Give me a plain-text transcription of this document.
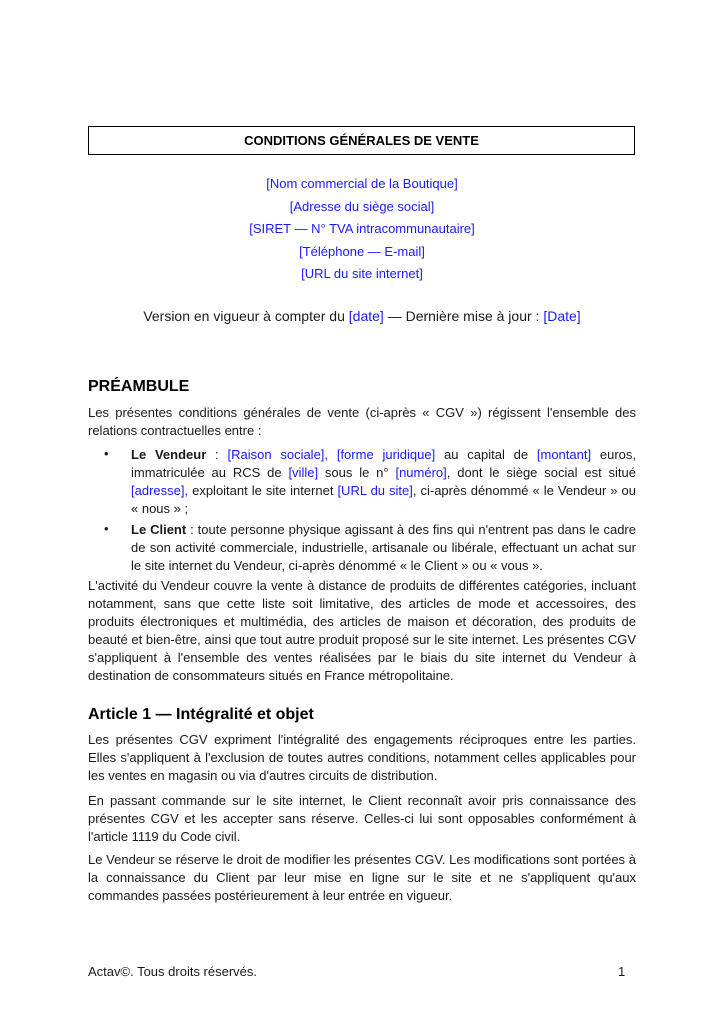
CONDITIONS GÉNÉRALES DE VENTE
[Nom commercial de la Boutique]
[Adresse du siège social]
[SIRET — N° TVA intracommunautaire]
[Téléphone — E-mail]
[URL du site internet]
Version en vigueur à compter du [date] — Dernière mise à jour : [Date]
PRÉAMBULE

Les présentes conditions générales de vente (ci-après « CGV ») régissent l'ensemble des relations contractuelles entre :

• Le Vendeur : [Raison sociale], [forme juridique] au capital de [montant] euros, immatriculée au RCS de [ville] sous le n° [numéro], dont le siège social est situé [adresse], exploitant le site internet [URL du site], ci-après dénommé « le Vendeur » ou « nous » ;

• Le Client : toute personne physique agissant à des fins qui n'entrent pas dans le cadre de son activité commerciale, industrielle, artisanale ou libérale, effectuant un achat sur le site internet du Vendeur, ci-après dénommé « le Client » ou « vous ».

L'activité du Vendeur couvre la vente à distance de produits de différentes catégories, incluant notamment, sans que cette liste soit limitative, des articles de mode et accessoires, des produits électroniques et multimédia, des articles de maison et décoration, des produits de beauté et bien-être, ainsi que tout autre produit proposé sur le site internet. Les présentes CGV s'appliquent à l'ensemble des ventes réalisées par le biais du site internet du Vendeur à destination de consommateurs situés en France métropolitaine.

Article 1 — Intégralité et objet

Les présentes CGV expriment l'intégralité des engagements réciproques entre les parties. Elles s'appliquent à l'exclusion de toutes autres conditions, notamment celles applicables pour les ventes en magasin ou via d'autres circuits de distribution.

En passant commande sur le site internet, le Client reconnaît avoir pris connaissance des présentes CGV et les accepter sans réserve. Celles-ci lui sont opposables conformément à l'article 1119 du Code civil.

Le Vendeur se réserve le droit de modifier les présentes CGV. Les modifications sont portées à la connaissance du Client par leur mise en ligne sur le site et ne s'appliquent qu'aux commandes passées postérieurement à leur entrée en vigueur.

Actav©. Tous droits réservés.	1
